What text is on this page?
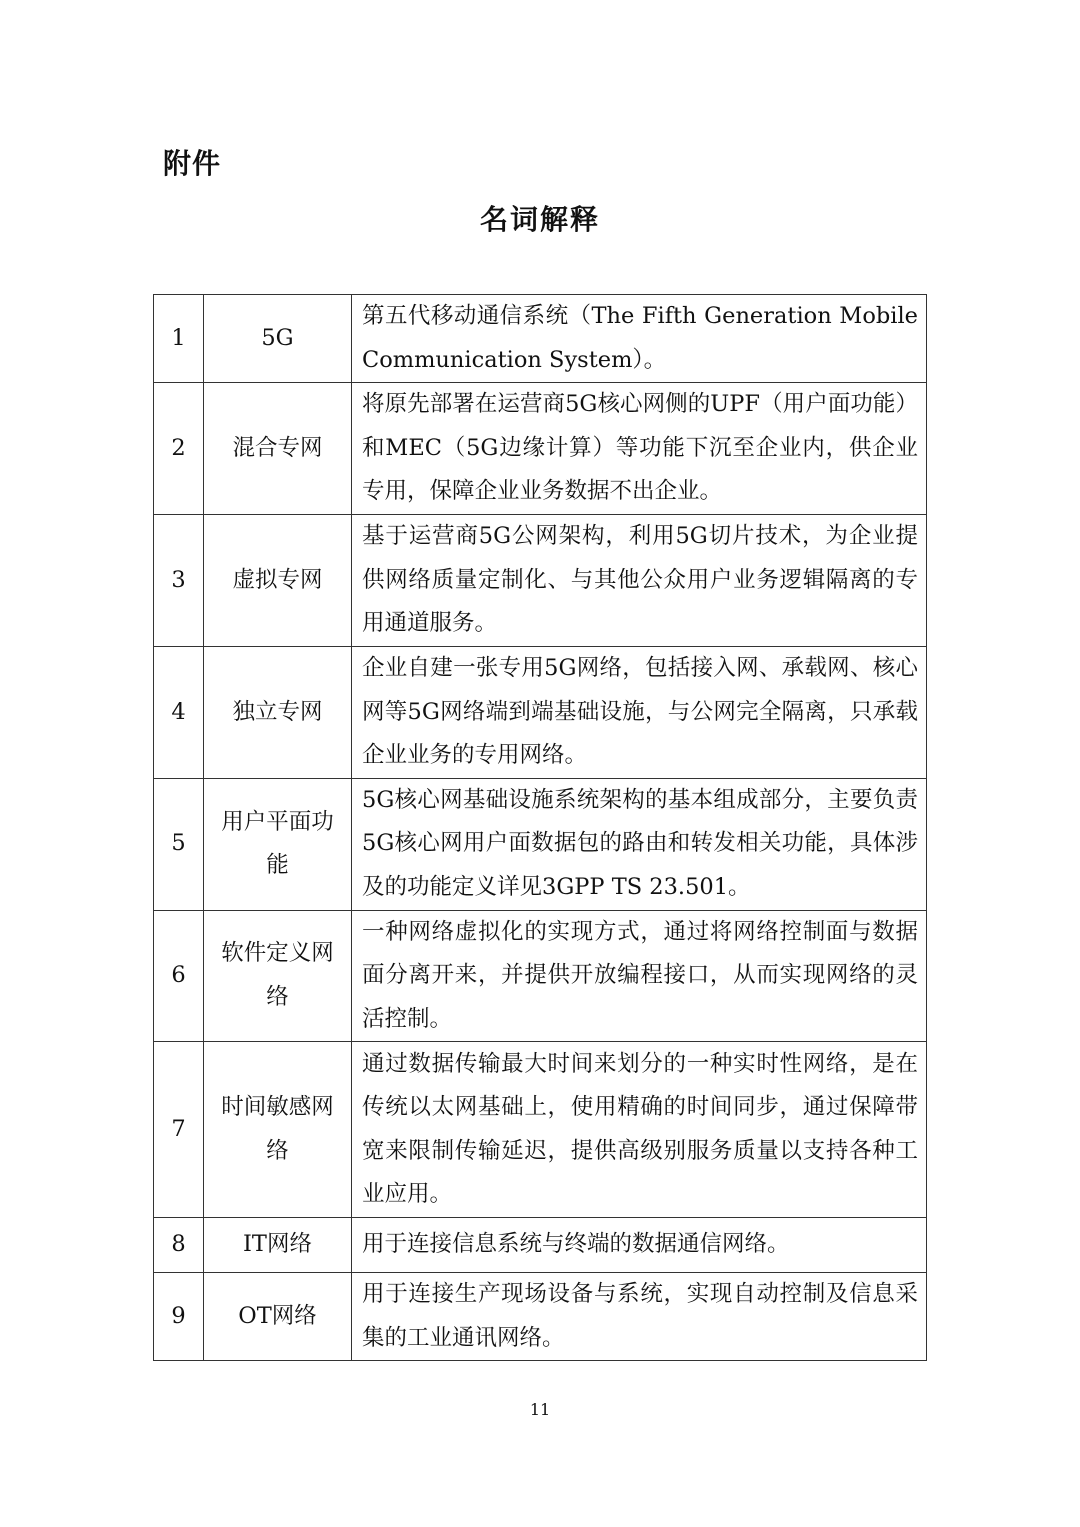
附件
名词解释
1	5G	第五代移动通信系统（The Fifth Generation Mobile Communication System）。
2	混合专网	将原先部署在运营商5G核心网侧的UPF（用户面功能）和MEC（5G边缘计算）等功能下沉至企业内，供企业专用，保障企业业务数据不出企业。
3	虚拟专网	基于运营商5G公网架构，利用5G切片技术，为企业提供网络质量定制化、与其他公众用户业务逻辑隔离的专用通道服务。
4	独立专网	企业自建一张专用5G网络，包括接入网、承载网、核心网等5G网络端到端基础设施，与公网完全隔离，只承载企业业务的专用网络。
5	用户平面功能	5G核心网基础设施系统架构的基本组成部分，主要负责5G核心网用户面数据包的路由和转发相关功能，具体涉及的功能定义详见3GPP TS 23.501。
6	软件定义网络	一种网络虚拟化的实现方式，通过将网络控制面与数据面分离开来，并提供开放编程接口，从而实现网络的灵活控制。
7	时间敏感网络	通过数据传输最大时间来划分的一种实时性网络，是在传统以太网基础上，使用精确的时间同步，通过保障带宽来限制传输延迟，提供高级别服务质量以支持各种工业应用。
8	IT网络	用于连接信息系统与终端的数据通信网络。
9	OT网络	用于连接生产现场设备与系统，实现自动控制及信息采集的工业通讯网络。
11
